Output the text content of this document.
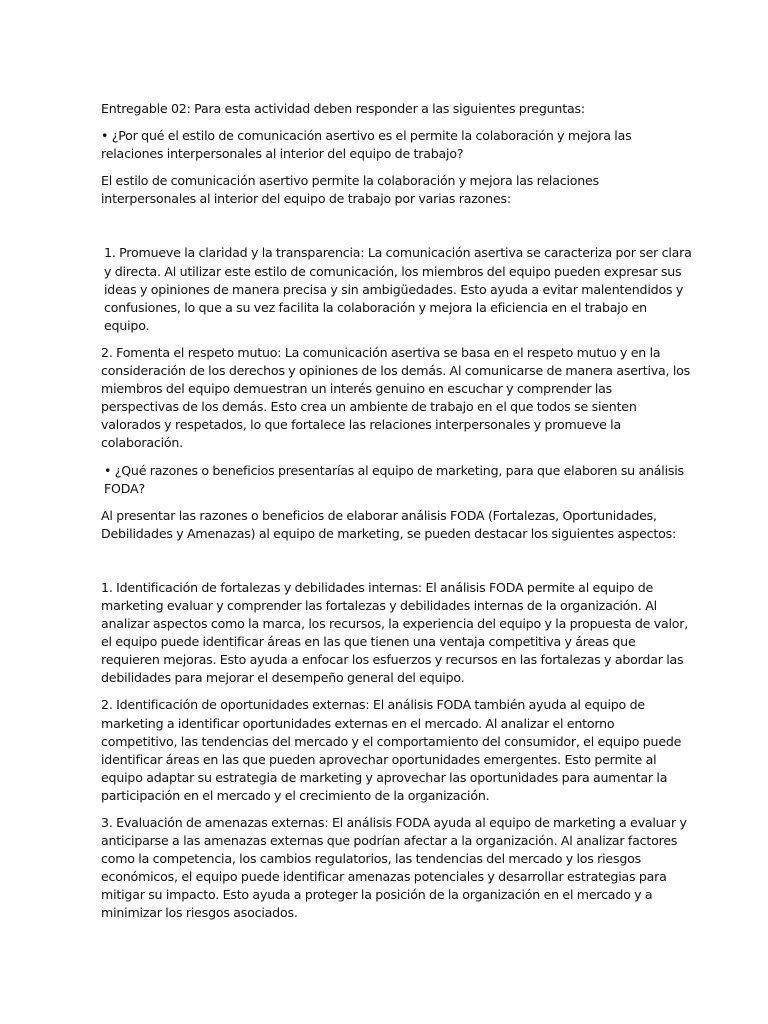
Entregable 02: Para esta actividad deben responder a las siguientes preguntas:

• ¿Por qué el estilo de comunicación asertivo es el permite la colaboración y mejora las relaciones interpersonales al interior del equipo de trabajo?

El estilo de comunicación asertivo permite la colaboración y mejora las relaciones interpersonales al interior del equipo de trabajo por varias razones:

1. Promueve la claridad y la transparencia: La comunicación asertiva se caracteriza por ser clara y directa. Al utilizar este estilo de comunicación, los miembros del equipo pueden expresar sus ideas y opiniones de manera precisa y sin ambigüedades. Esto ayuda a evitar malentendidos y confusiones, lo que a su vez facilita la colaboración y mejora la eficiencia en el trabajo en equipo.

2. Fomenta el respeto mutuo: La comunicación asertiva se basa en el respeto mutuo y en la consideración de los derechos y opiniones de los demás. Al comunicarse de manera asertiva, los miembros del equipo demuestran un interés genuino en escuchar y comprender las perspectivas de los demás. Esto crea un ambiente de trabajo en el que todos se sienten valorados y respetados, lo que fortalece las relaciones interpersonales y promueve la colaboración.

• ¿Qué razones o beneficios presentarías al equipo de marketing, para que elaboren su análisis FODA?

Al presentar las razones o beneficios de elaborar análisis FODA (Fortalezas, Oportunidades, Debilidades y Amenazas) al equipo de marketing, se pueden destacar los siguientes aspectos:

1. Identificación de fortalezas y debilidades internas: El análisis FODA permite al equipo de marketing evaluar y comprender las fortalezas y debilidades internas de la organización. Al analizar aspectos como la marca, los recursos, la experiencia del equipo y la propuesta de valor, el equipo puede identificar áreas en las que tienen una ventaja competitiva y áreas que requieren mejoras. Esto ayuda a enfocar los esfuerzos y recursos en las fortalezas y abordar las debilidades para mejorar el desempeño general del equipo.

2. Identificación de oportunidades externas: El análisis FODA también ayuda al equipo de marketing a identificar oportunidades externas en el mercado. Al analizar el entorno competitivo, las tendencias del mercado y el comportamiento del consumidor, el equipo puede identificar áreas en las que pueden aprovechar oportunidades emergentes. Esto permite al equipo adaptar su estrategia de marketing y aprovechar las oportunidades para aumentar la participación en el mercado y el crecimiento de la organización.

3. Evaluación de amenazas externas: El análisis FODA ayuda al equipo de marketing a evaluar y anticiparse a las amenazas externas que podrían afectar a la organización. Al analizar factores como la competencia, los cambios regulatorios, las tendencias del mercado y los riesgos económicos, el equipo puede identificar amenazas potenciales y desarrollar estrategias para mitigar su impacto. Esto ayuda a proteger la posición de la organización en el mercado y a minimizar los riesgos asociados.
